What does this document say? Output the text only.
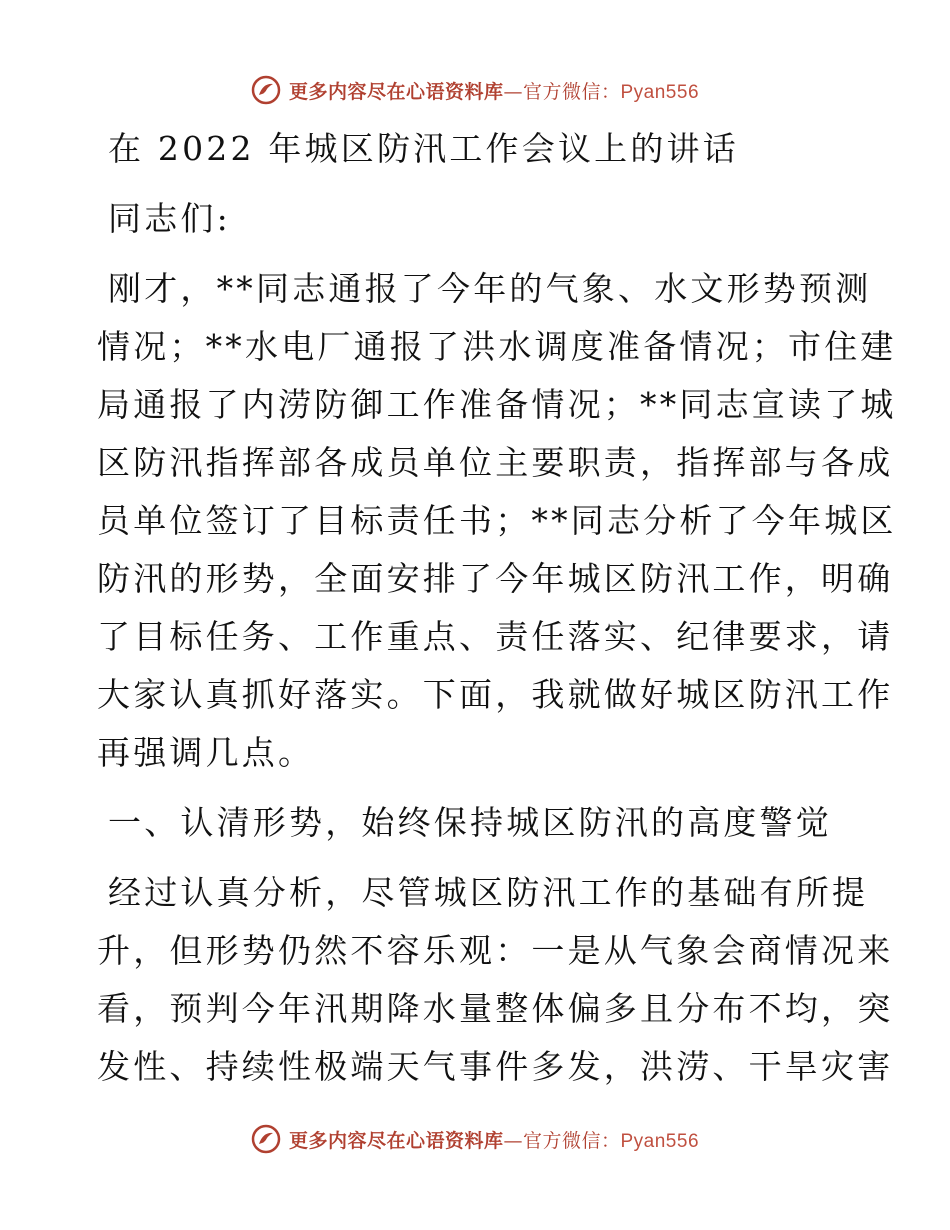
更多内容尽在心语资料库—官方微信：Pyan556
在 2022 年城区防汛工作会议上的讲话
同志们:
刚才，**同志通报了今年的气象、水文形势预测
情况；**水电厂通报了洪水调度准备情况；市住建
局通报了内涝防御工作准备情况；**同志宣读了城
区防汛指挥部各成员单位主要职责，指挥部与各成
员单位签订了目标责任书；**同志分析了今年城区
防汛的形势，全面安排了今年城区防汛工作，明确
了目标任务、工作重点、责任落实、纪律要求，请
大家认真抓好落实。下面，我就做好城区防汛工作
再强调几点。
一、认清形势，始终保持城区防汛的高度警觉
经过认真分析，尽管城区防汛工作的基础有所提
升，但形势仍然不容乐观：一是从气象会商情况来
看，预判今年汛期降水量整体偏多且分布不均，突
发性、持续性极端天气事件多发，洪涝、干旱灾害
更多内容尽在心语资料库—官方微信：Pyan556
